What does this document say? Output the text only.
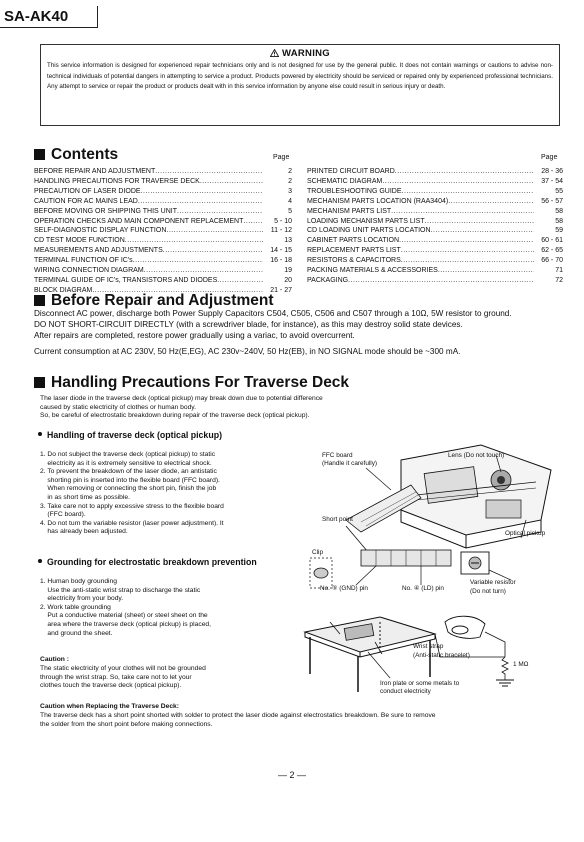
SA-AK40
WARNING
This service information is designed for experienced repair technicians only and is not designed for use by the general public. It does not contain warnings or cautions to advise non-technical individuals of potential dangers in attempting to service a product. Products powered by electricity should be serviced or repaired only by experienced professional technicians. Any attempt to service or repair the product or products dealt with in this service information by anyone else could result in serious injury or death.
Contents	Page	Page
BEFORE REPAIR AND ADJUSTMENT .....	2
HANDLING PRECAUTIONS FOR TRAVERSE DECK .....	2
PRECAUTION OF LASER DIODE .....	3
CAUTION FOR AC MAINS LEAD .....	4
BEFORE MOVING OR SHIPPING THIS UNIT .....	5
OPERATION CHECKS AND MAIN COMPONENT REPLACEMENT .....	5 - 10
SELF-DIAGNOSTIC DISPLAY FUNCTION .....	11 - 12
CD TEST MODE FUNCTION .....	13
MEASUREMENTS AND ADJUSTMENTS .....	14 - 15
TERMINAL FUNCTION OF IC's .....	16 - 18
WIRING CONNECTION DIAGRAM .....	19
TERMINAL GUIDE OF IC's, TRANSISTORS AND DIODES .....	20
BLOCK DIAGRAM .....	21 - 27
PRINTED CIRCUIT BOARD .....	28 - 36
SCHEMATIC DIAGRAM .....	37 - 54
TROUBLESHOOTING GUIDE .....	55
MECHANISM PARTS LOCATION (RAA3404) .....	56 - 57
MECHANISM PARTS LIST .....	58
LOADING MECHANISM PARTS LIST .....	58
CD LOADING UNIT PARTS LOCATION .....	59
CABINET PARTS LOCATION .....	60 - 61
REPLACEMENT PARTS LIST .....	62 - 65
RESISTORS & CAPACITORS .....	66 - 70
PACKING MATERIALS & ACCESSORIES .....	71
PACKAGING .....	72
Before Repair and Adjustment
Disconnect AC power, discharge both Power Supply Capacitors C504, C505, C506 and C507 through a 10Ω, 5W resistor to ground.
DO NOT SHORT-CIRCUIT DIRECTLY (with a screwdriver blade, for instance), as this may destroy solid state devices.
After repairs are completed, restore power gradually using a variac, to avoid overcurrent.
Current consumption at AC 230V, 50 Hz(E,EG), AC 230v~240V, 50 Hz(EB), in NO SIGNAL mode should be ~300 mA.
Handling Precautions For Traverse Deck
The laser diode in the traverse deck (optical pickup) may break down due to potential difference
caused by static electricity of clothes or human body.
So, be careful of electrostatic breakdown during repair of the traverse deck (optical pickup).
Handling of traverse deck (optical pickup)
1. Do not subject the traverse deck (optical pickup) to static
electricity as it is extremely sensitive to electrical shock.
2. To prevent the breakdown of the laser diode, an antistatic
shorting pin is inserted into the flexible board (FFC board).
When removing or connecting the short pin, finish the job
in as short time as possible.
3. Take care not to apply excessive stress to the flexible board
(FFC board).
4. Do not turn the variable resistor (laser power adjustment). It
has already been adjusted.
Grounding for electrostatic breakdown prevention
1. Human body grounding
Use the anti-static wrist strap to discharge the static
electricity from your body.
2. Work table grounding
Put a conductive material (sheet) or steel sheet on the
area where the traverse deck (optical pickup) is placed,
and ground the sheet.
Caution :
The static electricity of your clothes will not be grounded
through the wrist strap. So, take care not to let your
clothes touch the traverse deck (optical pickup).
Caution when Replacing the Traverse Deck:
The traverse deck has a short point shorted with solder to protect the laser diode against electrostatics breakdown. Be sure to remove
the solder from the short point before making connections.
FFC board
(Handle it carefully)
Lens (Do not touch)
Short point
Optical pickup
Clip
Variable resistor
(Do not turn)
No. ⑤ (GND) pin	No. ④ (LD) pin
Wrist strap
(Anti-static bracelet)
1 MΩ
Iron plate or some metals to
conduct electricity
— 2 —
